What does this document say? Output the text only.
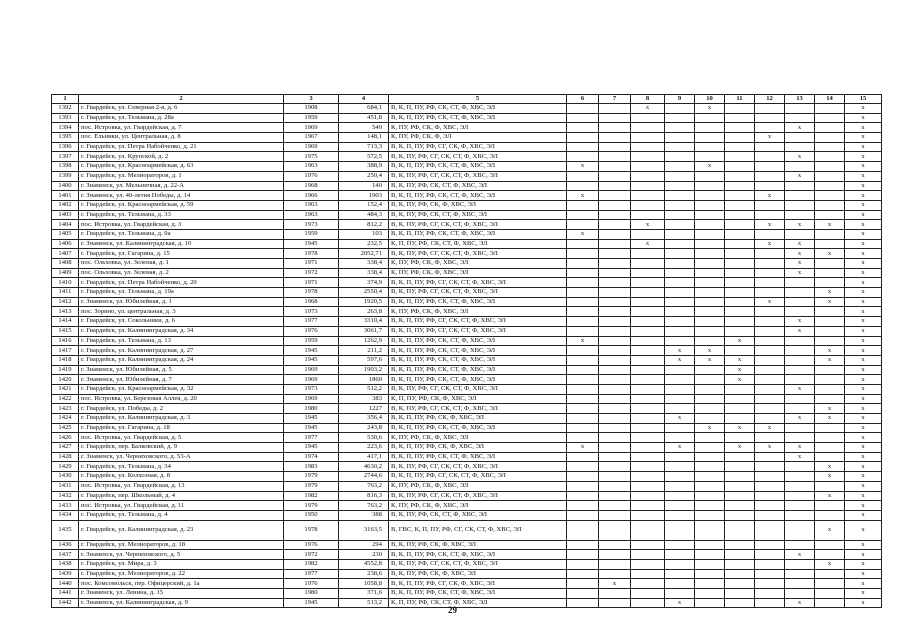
1	2	3	4	5	6	7	8	9	10	11	12	13	14	15
1392	г. Гвардейск, ул. Северная 2-я, д. 6	1908	684,1	В, К, П, ПУ, РФ, СК, СТ, Ф, ХВС, ЭЛ			x		x					x
1393	г. Гвардейск, ул. Тельмана, д. 28а	1959	451,8	В, К, П, ПУ, РФ, СК, СТ, Ф, ХВС, ЭЛ										x
1394	пос. Истровка, ул. Гвардейская, д. 7	1969	549	К, ПУ, РФ, СК, Ф, ХВС, ЭЛ								x		x
1395	пос. Ельники, ул. Центральная, д. 8	1967	148,1	К, ПУ, РФ, СК, Ф, ЭЛ							x			x
1396	г. Гвардейск, ул. Петра Набойченко, д. 21	1969	713,3	В, К, П, ПУ, РФ, СГ, СК, Ф, ХВС, ЭЛ										x
1397	г. Гвардейск, ул. Крупской, д. 2	1975	572,5	В, К, ПУ, РФ, СГ, СК, СТ, Ф, ХВС, ЭЛ								x		x
1398	г. Гвардейск, ул. Красноармейская, д. 63	1963	388,9	В, К, П, ПУ, РФ, СК, СТ, Ф, ХВС, ЭЛ	x				x					x
1399	г. Гвардейск, ул. Мелиораторов, д. 1	1976	250,4	В, К, ПУ, РФ, СГ, СК, СТ, Ф, ХВС, ЭЛ								x		x
1400	г. Знаменск, ул. Мельничная, д. 22-А	1968	140	В, К, ПУ, РФ, СК, СТ, Ф, ХВС, ЭЛ										x
1401	г. Знаменск, ул. 40-летия Победы, д. 14	1966	1903	В, К, П, ПУ, РФ, СК, СТ, Ф, ХВС, ЭЛ	x						x			x
1402	г. Гвардейск, ул. Красноармейская, д. 59	1963	152,4	В, К, ПУ, РФ, СК, Ф, ХВС, ЭЛ										x
1403	г. Гвардейск, ул. Тельмана, д. 33	1963	484,3	В, К, ПУ, РФ, СК, СТ, Ф, ХВС, ЭЛ										x
1404	пос. Истровка, ул. Гвардейская, д. 3	1973	812,2	В, К, ПУ, РФ, СГ, СК, СТ, Ф, ХВС, ЭЛ			x				x	x	x	x
1405	г. Гвардейск, ул. Тельмана, д. 9а	1959	103	В, К, П, ПУ, РФ, СК, СТ, Ф, ХВС, ЭЛ	x									x
1406	г. Знаменск, ул. Калининградская, д. 10	1945	232,5	К, П, ПУ, РФ, СК, СТ, Ф, ХВС, ЭЛ			x				x	x		x
1407	г. Гвардейск, ул. Гагарина, д. 15	1978	2052,71	В, К, ПУ, РФ, СГ, СК, СТ, Ф, ХВС, ЭЛ								x	x	x
1408	пос. Ольховка, ул. Зеленая, д. 1	1971	338,4	К, ПУ, РФ, СК, Ф, ХВС, ЭЛ								x		x
1409	пос. Ольховка, ул. Зеленая, д. 2	1972	338,4	К, ПУ, РФ, СК, Ф, ХВС, ЭЛ								x		x
1410	г. Гвардейск, ул. Петра Набойченко, д. 20	1971	374,9	В, К, П, ПУ, РФ, СГ, СК, СТ, Ф, ХВС, ЭЛ										x
1411	г. Гвардейск, ул. Тельмана, д. 19а	1978	2550,4	В, К, ПУ, РФ, СГ, СК, СТ, Ф, ХВС, ЭЛ									x	x
1412	г. Знаменск, ул. Юбилейная, д. 1	1968	1920,5	В, К, П, ПУ, РФ, СК, СТ, Ф, ХВС, ЭЛ							x		x	x
1413	пос. Зорино, ул. центральная, д. 3	1973	263,8	К, ПУ, РФ, СК, Ф, ХВС, ЭЛ										x
1414	г. Гвардейск, ул. Сокольники, д. 6	1977	3310,4	В, К, П, ПУ, РФ, СГ, СК, СТ, Ф, ХВС, ЭЛ								x		x
1415	г. Гвардейск, ул. Калининградская, д. 34	1976	3061,7	В, К, П, ПУ, РФ, СГ, СК, СТ, Ф, ХВС, ЭЛ								x		x
1416	г. Гвардейск, ул. Тельмана, д. 13	1959	1262,9	В, К, П, ПУ, РФ, СК, СТ, Ф, ХВС, ЭЛ	x					x				x
1417	г. Гвардейск, ул. Калининградская, д. 27	1945	211,2	В, К, П, ПУ, РФ, СК, СТ, Ф, ХВС, ЭЛ				x	x				x	x
1418	г. Гвардейск, ул. Калининградская, д. 24	1945	597,6	В, К, П, ПУ, РФ, СК, СТ, Ф, ХВС, ЭЛ				x	x	x			x	x
1419	г. Знаменск, ул. Юбилейная, д. 5	1969	1903,2	В, К, П, ПУ, РФ, СК, СТ, Ф, ХВС, ЭЛ						x				x
1420	г. Знаменск, ул. Юбилейная, д. 7	1969	1860	В, К, П, ПУ, РФ, СК, СТ, Ф, ХВС, ЭЛ						x				x
1421	г. Гвардейск, ул. Красноармейская, д. 32	1973	512,2	В, К, ПУ, РФ, СГ, СК, СТ, Ф, ХВС, ЭЛ								x		x
1422	пос. Истровка, ул. Березовая Аллея, д. 20	1969	383	К, П, ПУ, РФ, СК, Ф, ХВС, ЭЛ										x
1423	г. Гвардейск, ул. Победы, д. 2	1980	1227	В, К, ПУ, РФ, СГ, СК, СТ, Ф, ХВС, ЭЛ									x	x
1424	г. Гвардейск, ул. Калининградская, д. 3	1945	356,4	В, К, П, ПУ, РФ, СК, Ф, ХВС, ЭЛ				x				x	x	x
1425	г. Гвардейск, ул. Гагарина, д. 18	1945	243,8	В, К, П, ПУ, РФ, СК, СТ, Ф, ХВС, ЭЛ					x	x	x			x
1426	пос. Истровка, ул. Гвардейская, д. 5	1977	530,6	К, ПУ, РФ, СК, Ф, ХВС, ЭЛ										x
1427	г. Гвардейск, пер. Балковский, д. 9	1945	223,6	В, К, П, ПУ, РФ, СК, Ф, ХВС, ЭЛ	x			x		x	x	x		x
1428	г. Знаменск, ул. Черняховского, д. 53-А	1974	417,1	В, К, П, ПУ, РФ, СК, СТ, Ф, ХВС, ЭЛ								x		x
1429	г. Гвардейск, ул. Тельмана, д. 34	1983	4630,2	В, К, ПУ, РФ, СГ, СК, СТ, Ф, ХВС, ЭЛ									x	x
1430	г. Гвардейск, ул. Колхозная, д. 8	1979	2744,6	В, К, П, ПУ, РФ, СГ, СК, СТ, Ф, ХВС, ЭЛ									x	x
1431	пос. Истровка, ул. Гвардейская, д. 13	1979	763,2	К, ПУ, РФ, СК, Ф, ХВС, ЭЛ										x
1432	г. Гвардейск, пер. Школьный, д. 4	1982	816,3	В, К, ПУ, РФ, СГ, СК, СТ, Ф, ХВС, ЭЛ									x	x
1433	пос. Истровка, ул. Гвардейская, д. 11	1979	763,2	К, ПУ, РФ, СК, Ф, ХВС, ЭЛ										x
1434	г. Гвардейск, ул. Тельмана, д. 4	1950	388	В, К, ПУ, РФ, СК, СТ, Ф, ХВС, ЭЛ										x
1435	г. Гвардейск, ул. Калининградская, д. 23	1978	3163,5	В, ГВС, К, П, ПУ, РФ, СГ, СК, СТ, Ф, ХВС, ЭЛ									x	x
1436	г. Гвардейск, ул. Мелиораторов, д. 18	1976	294	В, К, ПУ, РФ, СК, Ф, ХВС, ЭЛ										x
1437	г. Знаменск, ул. Черняховского, д. 5	1972	230	В, К, П, ПУ, РФ, СК, СТ, Ф, ХВС, ЭЛ								x		x
1438	г. Гвардейск, ул. Мира, д. 3	1982	4552,8	В, К, ПУ, РФ, СГ, СК, СТ, Ф, ХВС, ЭЛ									x	x
1439	г. Гвардейск, ул. Мелиораторов, д. 22	1977	238,6	В, К, ПУ, РФ, СК, Ф, ХВС, ЭЛ										x
1440	пос. Комсомольск, пер. Офицерский, д. 1а	1976	1058,8	В, К, П, ПУ, РФ, СГ, СК, Ф, ХВС, ЭЛ		x								x
1441	г. Знаменск, ул. Ленина, д. 15	1980	371,6	В, К, П, ПУ, РФ, СК, СТ, Ф, ХВС, ЭЛ										x
1442	г. Знаменск, ул. Калининградская, д. 9	1945	513,2	К, П, ПУ, РФ, СК, СТ, Ф, ХВС, ЭЛ				x				x		x
29
